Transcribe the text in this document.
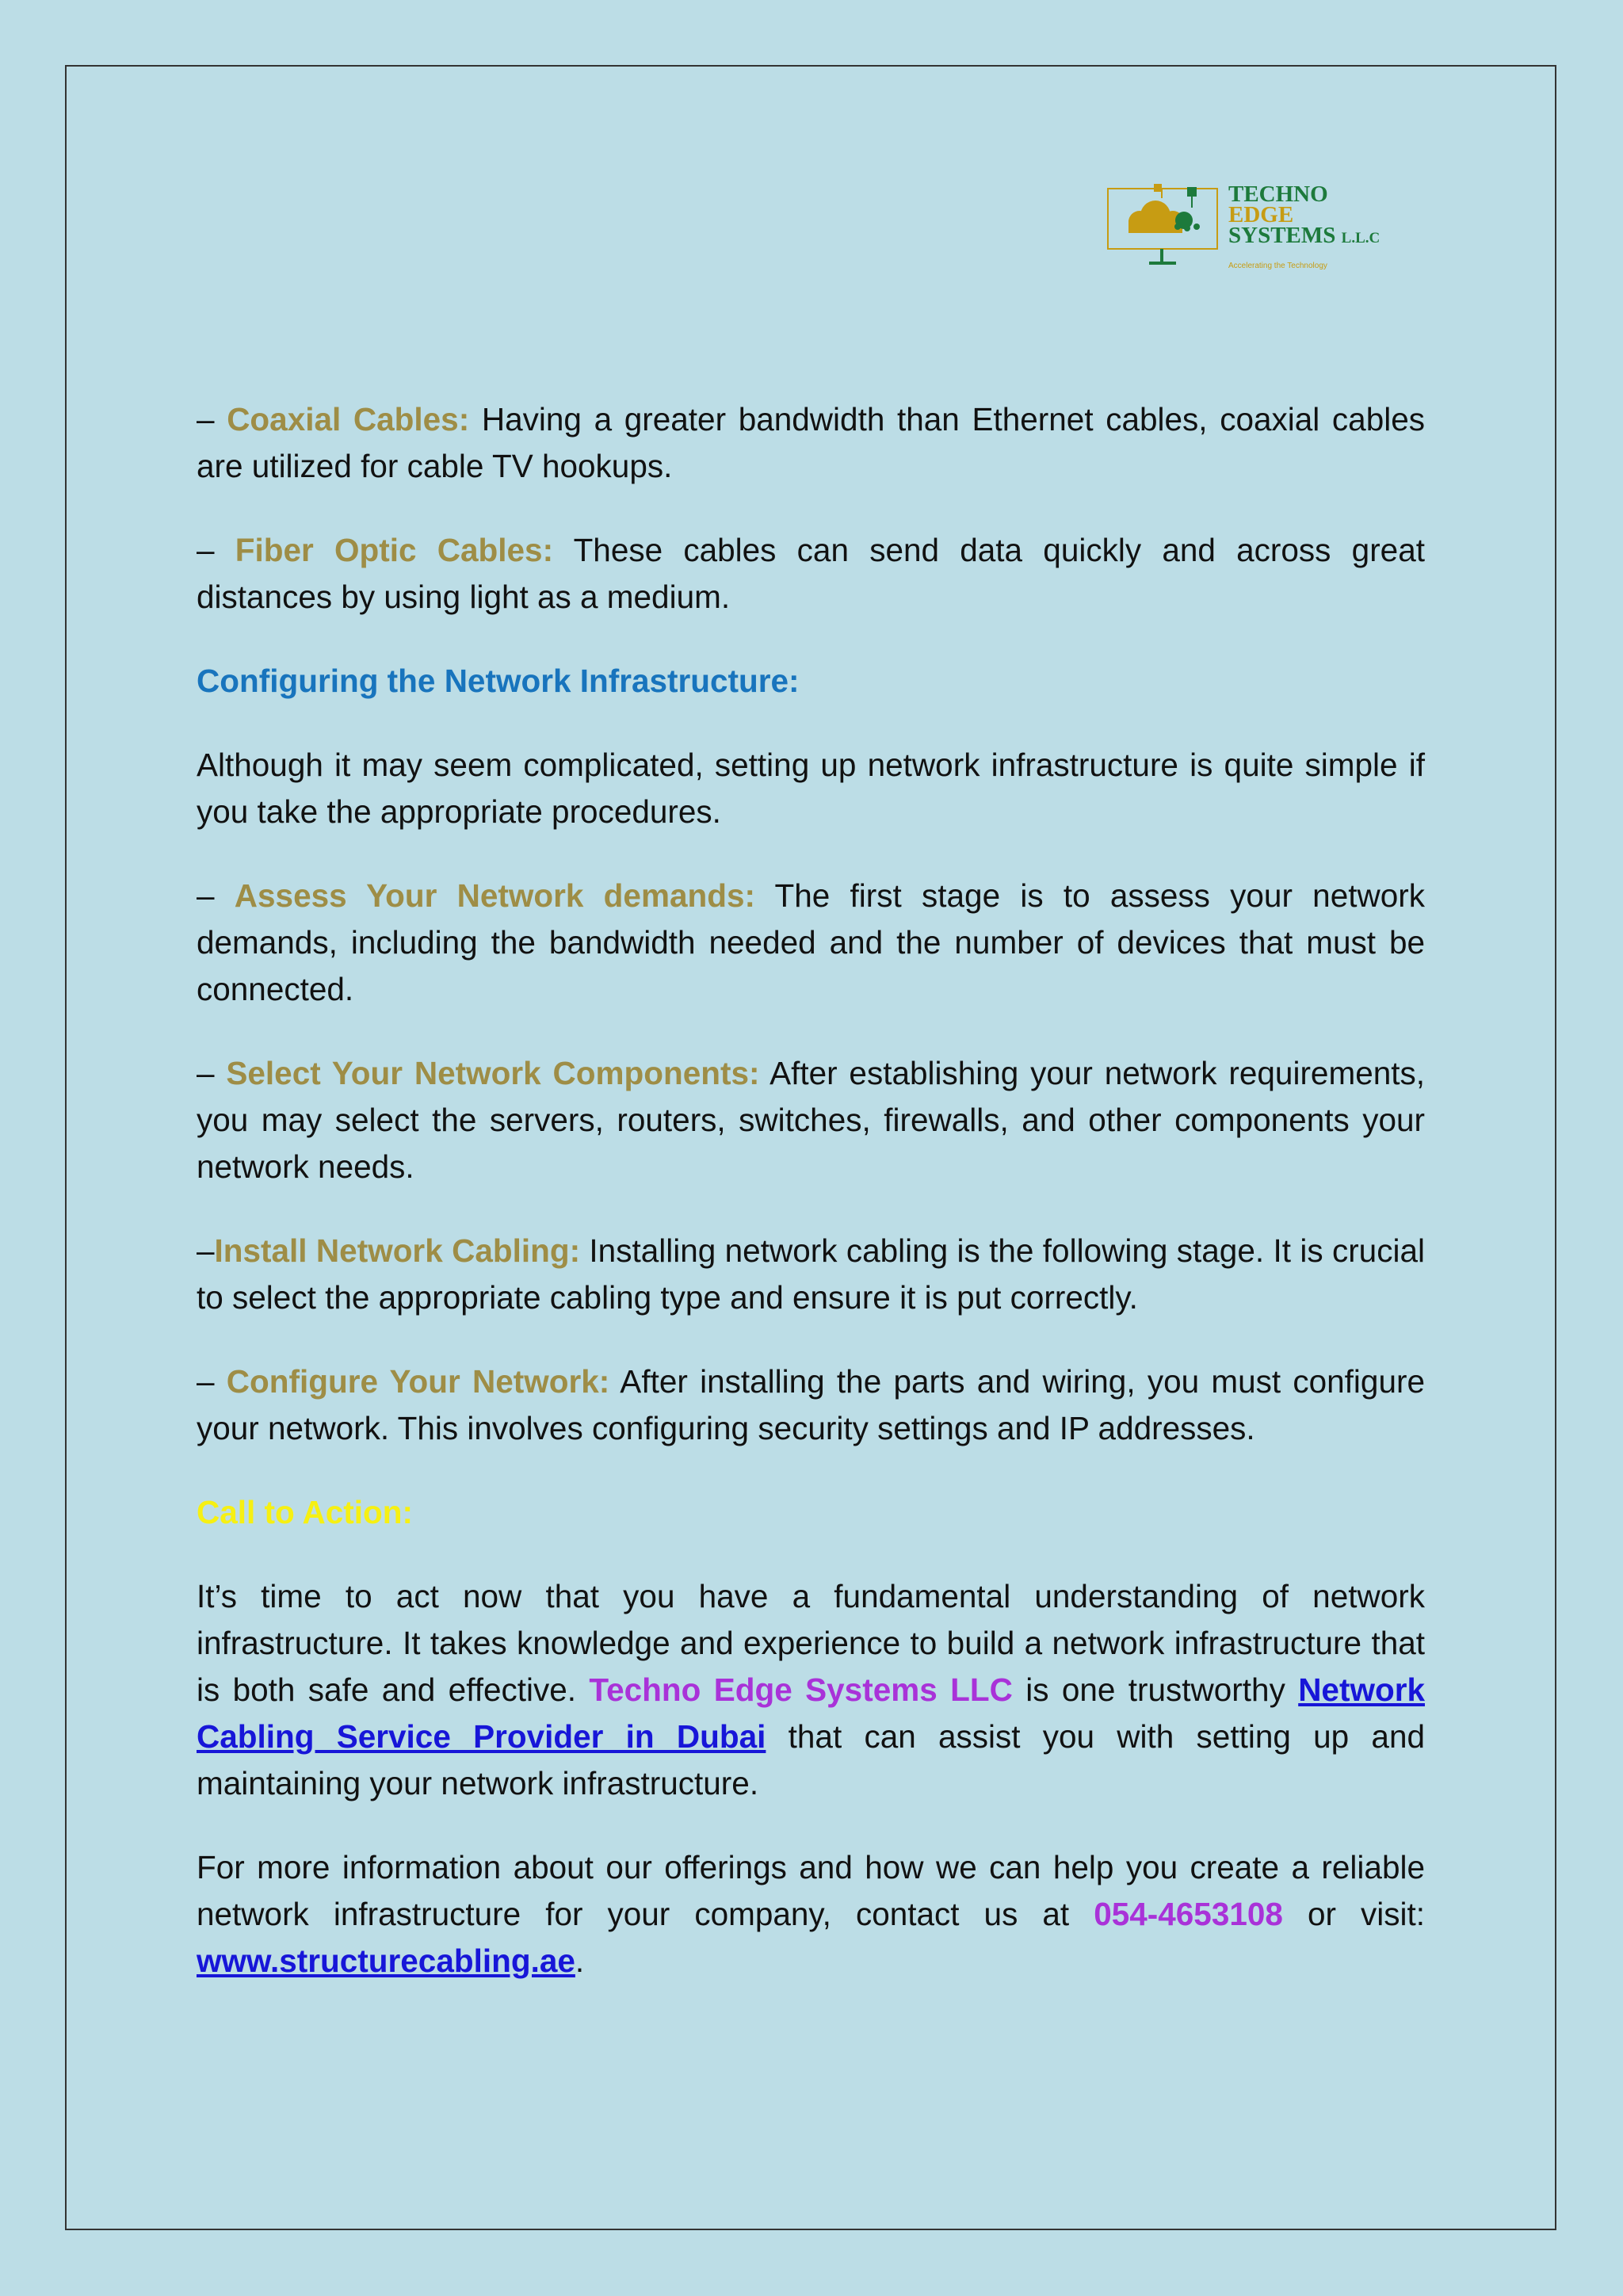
TECHNO
EDGE
SYSTEMS L.L.C
Accelerating the Technology

– Coaxial Cables: Having a greater bandwidth than Ethernet cables, coaxial cables are utilized for cable TV hookups.

– Fiber Optic Cables: These cables can send data quickly and across great distances by using light as a medium.

Configuring the Network Infrastructure:

Although it may seem complicated, setting up network infrastructure is quite simple if you take the appropriate procedures.

– Assess Your Network demands: The first stage is to assess your network demands, including the bandwidth needed and the number of devices that must be connected.

– Select Your Network Components: After establishing your network requirements, you may select the servers, routers, switches, firewalls, and other components your network needs.

–Install Network Cabling: Installing network cabling is the following stage. It is crucial to select the appropriate cabling type and ensure it is put correctly.

– Configure Your Network: After installing the parts and wiring, you must configure your network. This involves configuring security settings and IP addresses.

Call to Action:

It’s time to act now that you have a fundamental understanding of network infrastructure. It takes knowledge and experience to build a network infrastructure that is both safe and effective. Techno Edge Systems LLC is one trustworthy Network Cabling Service Provider in Dubai that can assist you with setting up and maintaining your network infrastructure.

For more information about our offerings and how we can help you create a reliable network infrastructure for your company, contact us at 054-4653108 or visit: www.structurecabling.ae.
